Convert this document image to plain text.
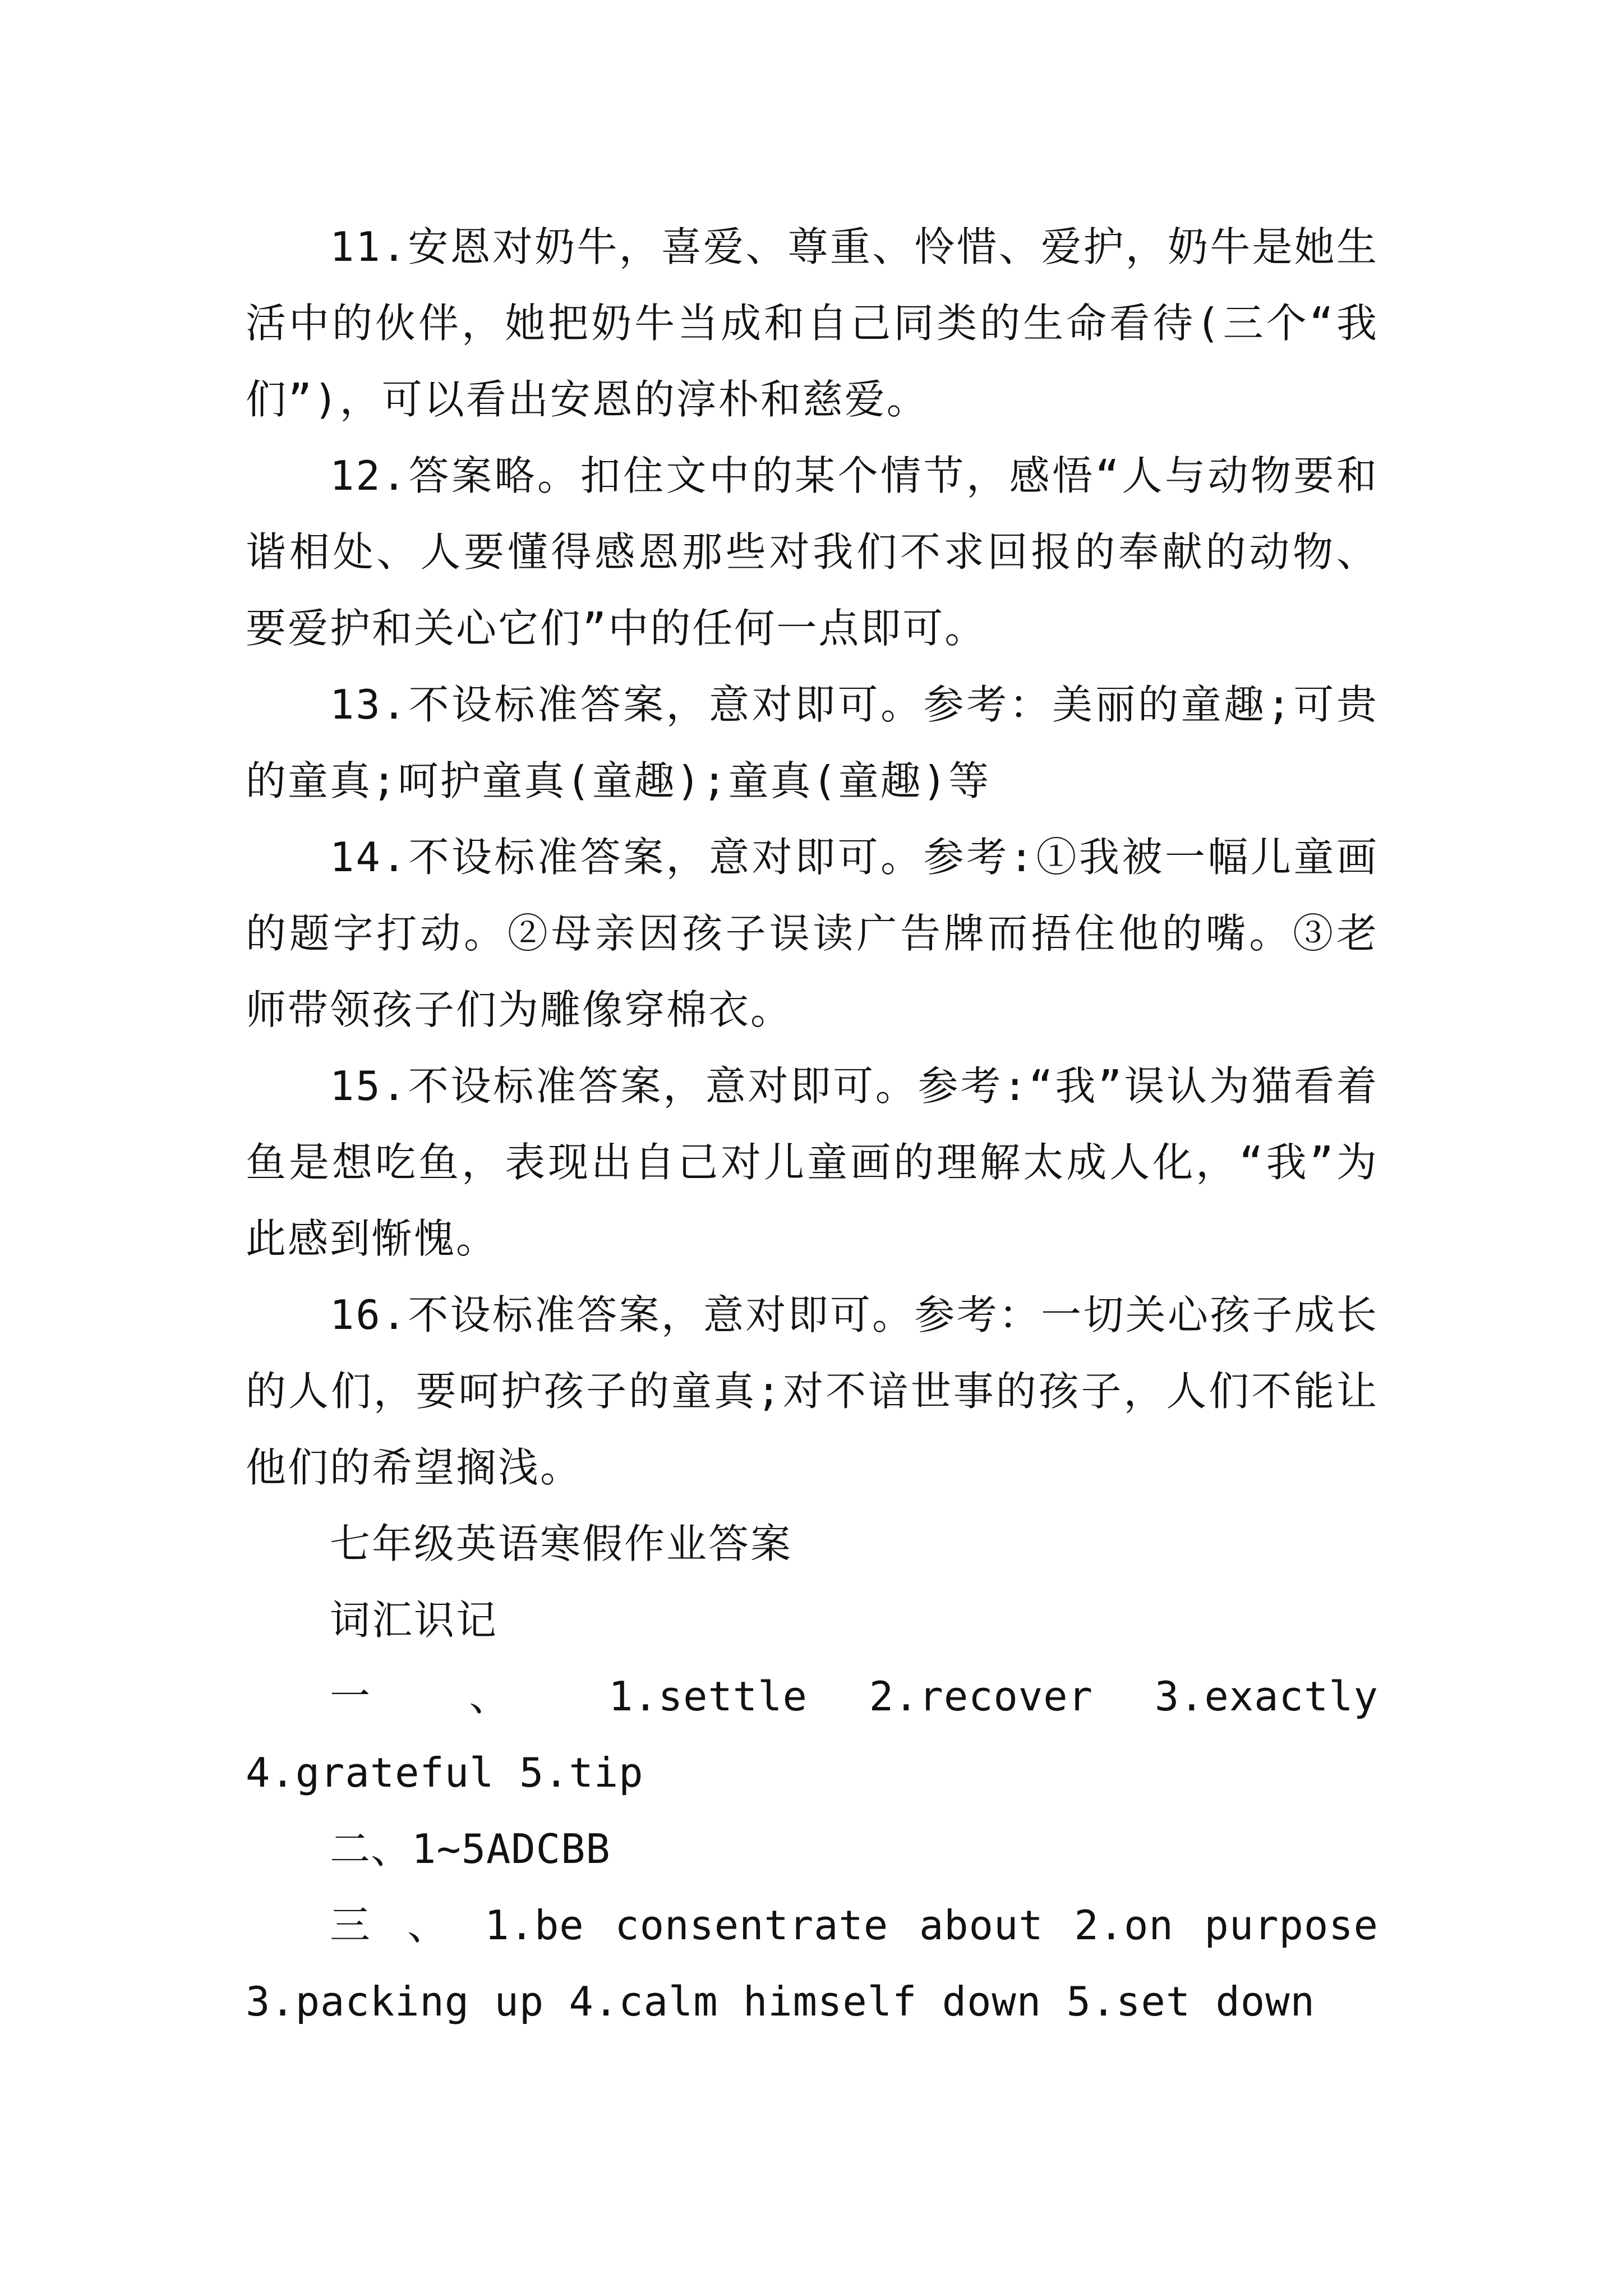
11.安恩对奶牛，喜爱、尊重、怜惜、爱护，奶牛是她生活中的伙伴，她把奶牛当成和自己同类的生命看待(三个“我们”)，可以看出安恩的淳朴和慈爱。

12.答案略。扣住文中的某个情节，感悟“人与动物要和谐相处、人要懂得感恩那些对我们不求回报的奉献的动物、要爱护和关心它们”中的任何一点即可。

13.不设标准答案，意对即可。参考：美丽的童趣;可贵的童真;呵护童真(童趣);童真(童趣)等

14.不设标准答案，意对即可。参考:①我被一幅儿童画的题字打动。②母亲因孩子误读广告牌而捂住他的嘴。③老师带领孩子们为雕像穿棉衣。

15.不设标准答案，意对即可。参考:“我”误认为猫看着鱼是想吃鱼，表现出自己对儿童画的理解太成人化，“我”为此感到惭愧。

16.不设标准答案，意对即可。参考：一切关心孩子成长的人们，要呵护孩子的童真;对不谙世事的孩子，人们不能让他们的希望搁浅。

七年级英语寒假作业答案

词汇识记

一 、 1.settle 2.recover 3.exactly 4.grateful 5.tip

二、1~5ADCBB

三 、 1.be consentrate about 2.on purpose 3.packing up 4.calm himself down 5.set down
